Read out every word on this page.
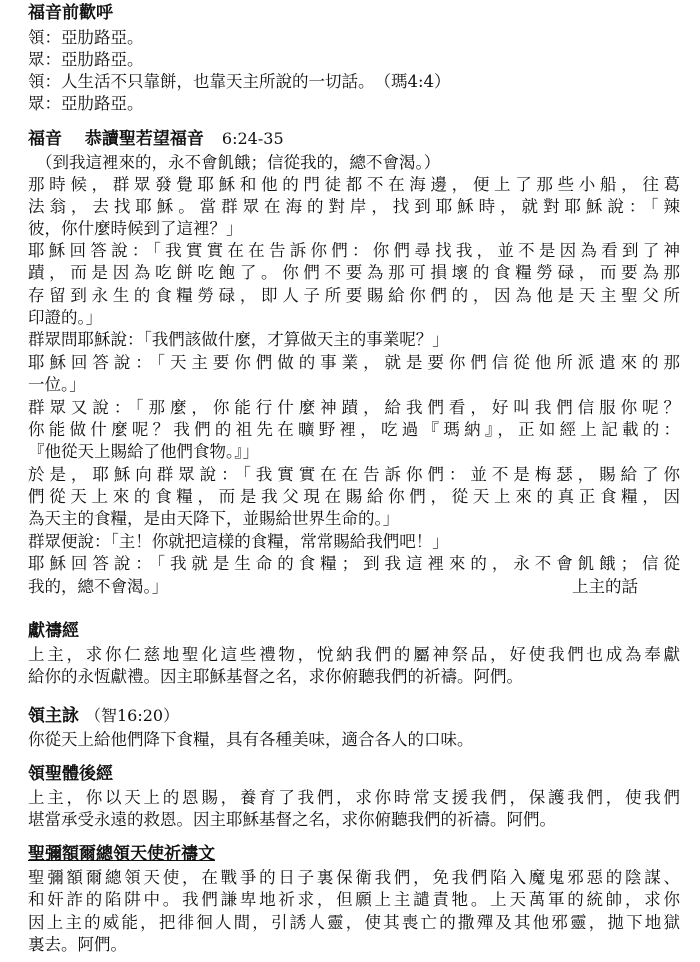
福音前歡呼
領：亞肋路亞。
眾：亞肋路亞。
領：人生活不只靠餅，也靠天主所說的一切話。　（瑪4:4）
眾：亞肋路亞。
福音　 恭讀聖若望福音 6:24-35
（到我這裡來的，永不會飢餓；信從我的，總不會渴。）
那時候，群眾發覺耶穌和他的門徒都不在海邊，便上了那些小船，往葛
法翁，去找耶穌。當群眾在海的對岸，找到耶穌時，就對耶穌說：「辣
彼，你什麼時候到了這裡？」
耶穌回答說：「我實實在在告訴你們：你們尋找我，並不是因為看到了神
蹟，而是因為吃餅吃飽了。你們不要為那可損壞的食糧勞碌，而要為那
存留到永生的食糧勞碌，即人子所要賜給你們的，因為他是天主聖父所
印證的。」
群眾問耶穌說：「我們該做什麼，才算做天主的事業呢？」
耶穌回答說：「天主要你們做的事業，就是要你們信從他所派遣來的那
一位。」
群眾又說：「那麼，你能行什麼神蹟，給我們看，好叫我們信服你呢？
你能做什麼呢？我們的祖先在曠野裡，吃過『瑪納』，正如經上記載的：
『他從天上賜給了他們食物。』」
於是，耶穌向群眾說：「我實實在在告訴你們：並不是梅瑟，賜給了你
們從天上來的食糧，而是我父現在賜給你們，從天上來的真正食糧，因
為天主的食糧，是由天降下，並賜給世界生命的。」
群眾便說：「主！你就把這樣的食糧，常常賜給我們吧！」
耶穌回答說：「我就是生命的食糧；到我這裡來的，永不會飢餓；信從
我的，總不會渴。」	上主的話
獻禱經
上主，求你仁慈地聖化這些禮物，悅納我們的屬神祭品，好使我們也成為奉獻
給你的永恆獻禮。因主耶穌基督之名，求你俯聽我們的祈禱。阿們。
領主詠 （智16:20）
你從天上給他們降下食糧，具有各種美味，適合各人的口味。
領聖體後經
上主，你以天上的恩賜，養育了我們，求你時常支援我們，保護我們，使我們
堪當承受永遠的救恩。因主耶穌基督之名，求你俯聽我們的祈禱。阿們。
聖彌額爾總領天使祈禱文
聖彌額爾總領天使，在戰爭的日子裏保衛我們，免我們陷入魔鬼邪惡的陰謀、
和奸詐的陷阱中。我們謙卑地祈求，但願上主譴責牠。上天萬軍的統帥，求你
因上主的威能，把徘徊人間，引誘人靈，使其喪亡的撒殫及其他邪靈，拋下地獄
裏去。阿們。
